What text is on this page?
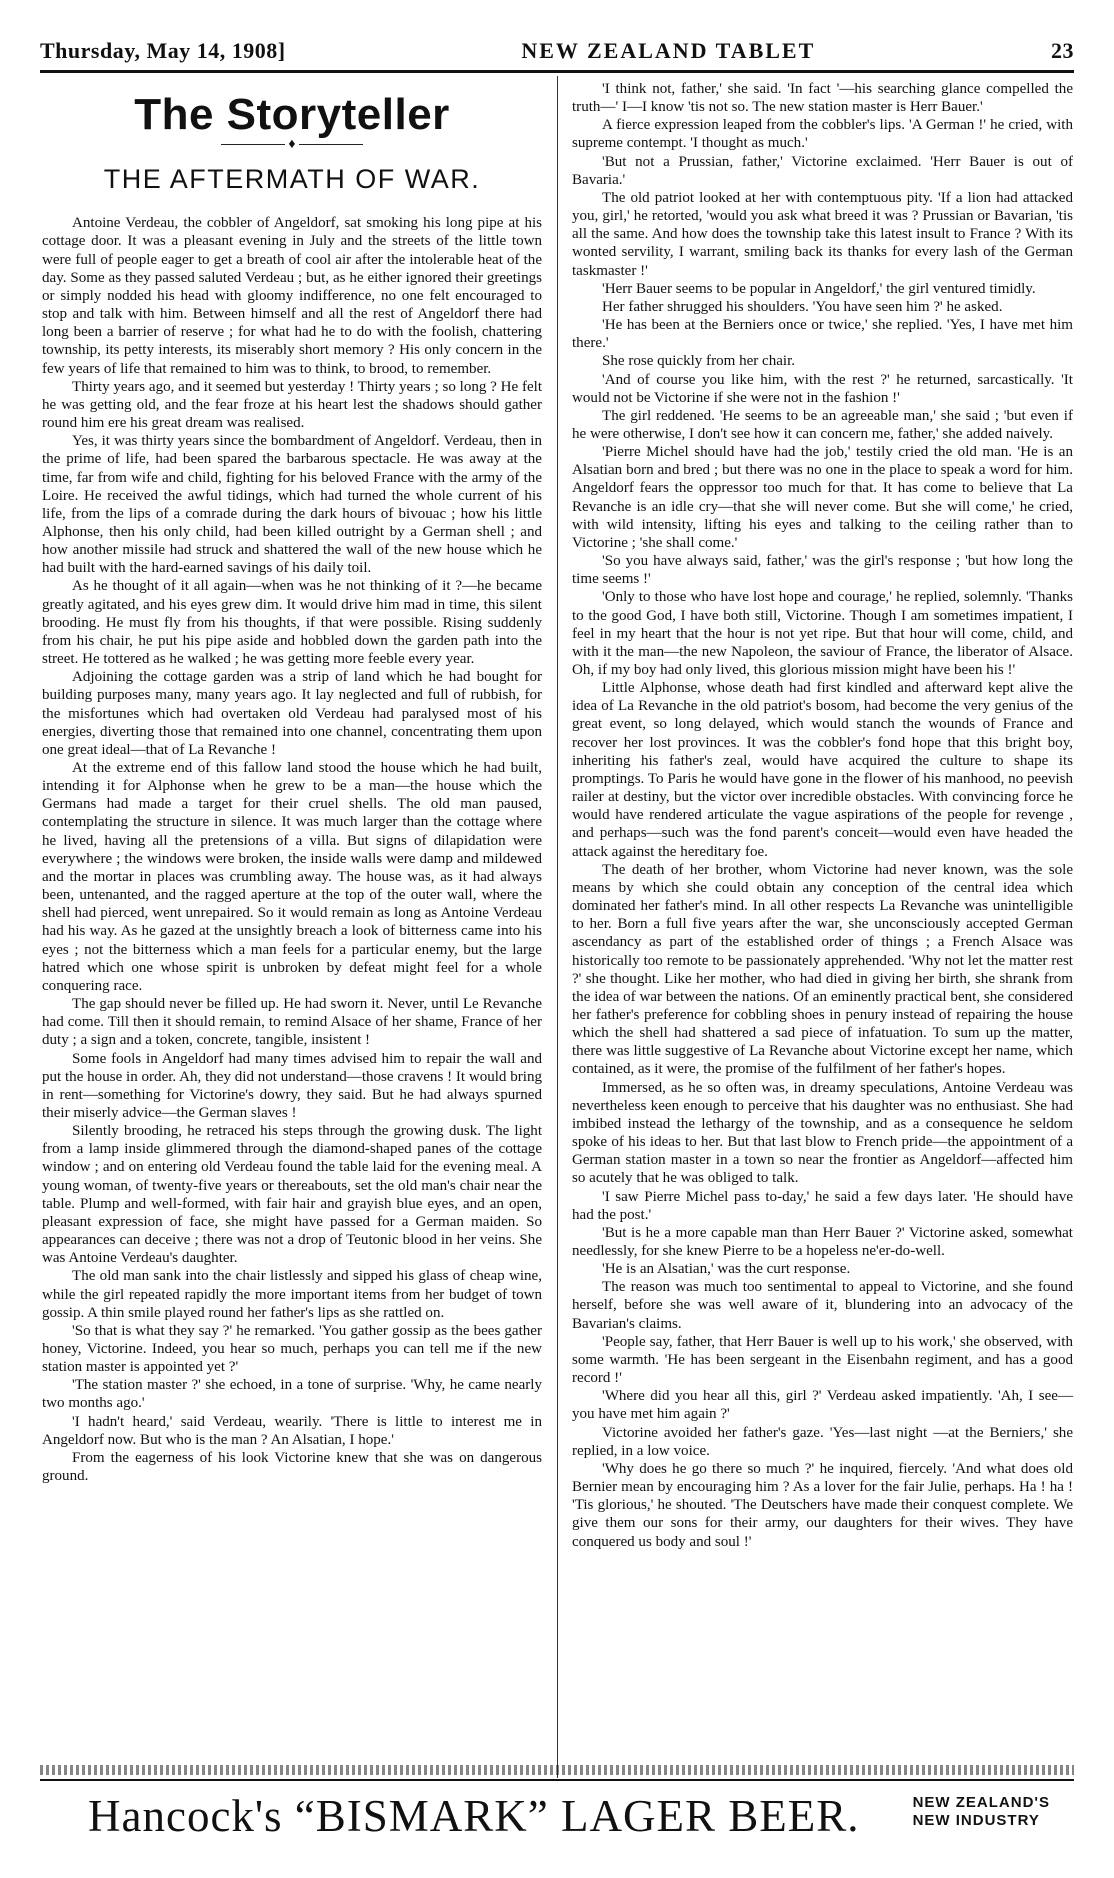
Thursday, May 14, 1908]	NEW ZEALAND TABLET	23
The Storyteller
♦
THE AFTERMATH OF WAR.

Antoine Verdeau, the cobbler of Angeldorf, sat smoking his long pipe at his cottage door. It was a pleasant evening in July and the streets of the little town were full of people eager to get a breath of cool air after the intolerable heat of the day. Some as they passed saluted Verdeau ; but, as he either ignored their greetings or simply nodded his head with gloomy indifference, no one felt encouraged to stop and talk with him. Between himself and all the rest of Angeldorf there had long been a barrier of reserve ; for what had he to do with the foolish, chattering township, its petty interests, its miserably short memory ? His only concern in the few years of life that remained to him was to think, to brood, to remember.

Thirty years ago, and it seemed but yesterday ! Thirty years ; so long ? He felt he was getting old, and the fear froze at his heart lest the shadows should gather round him ere his great dream was realised.

Yes, it was thirty years since the bombardment of Angeldorf. Verdeau, then in the prime of life, had been spared the barbarous spectacle. He was away at the time, far from wife and child, fighting for his beloved France with the army of the Loire. He received the awful tidings, which had turned the whole current of his life, from the lips of a comrade during the dark hours of bivouac ; how his little Alphonse, then his only child, had been killed outright by a German shell ; and how another missile had struck and shattered the wall of the new house which he had built with the hard-earned savings of his daily toil.

As he thought of it all again—when was he not thinking of it ?—he became greatly agitated, and his eyes grew dim. It would drive him mad in time, this silent brooding. He must fly from his thoughts, if that were possible. Rising suddenly from his chair, he put his pipe aside and hobbled down the garden path into the street. He tottered as he walked ; he was getting more feeble every year.

Adjoining the cottage garden was a strip of land which he had bought for building purposes many, many years ago. It lay neglected and full of rubbish, for the misfortunes which had overtaken old Verdeau had paralysed most of his energies, diverting those that remained into one channel, concentrating them upon one great ideal—that of La Revanche !

At the extreme end of this fallow land stood the house which he had built, intending it for Alphonse when he grew to be a man—the house which the Germans had made a target for their cruel shells. The old man paused, contemplating the structure in silence. It was much larger than the cottage where he lived, having all the pretensions of a villa. But signs of dilapidation were everywhere ; the windows were broken, the inside walls were damp and mildewed and the mortar in places was crumbling away. The house was, as it had always been, untenanted, and the ragged aperture at the top of the outer wall, where the shell had pierced, went unrepaired. So it would remain as long as Antoine Verdeau had his way. As he gazed at the unsightly breach a look of bitterness came into his eyes ; not the bitterness which a man feels for a particular enemy, but the large hatred which one whose spirit is unbroken by defeat might feel for a whole conquering race.

The gap should never be filled up. He had sworn it. Never, until Le Revanche had come. Till then it should remain, to remind Alsace of her shame, France of her duty ; a sign and a token, concrete, tangible, insistent !

Some fools in Angeldorf had many times advised him to repair the wall and put the house in order. Ah, they did not understand—those cravens ! It would bring in rent—something for Victorine's dowry, they said. But he had always spurned their miserly advice—the German slaves !

Silently brooding, he retraced his steps through the growing dusk. The light from a lamp inside glimmered through the diamond-shaped panes of the cottage window ; and on entering old Verdeau found the table laid for the evening meal. A young woman, of twenty-five years or thereabouts, set the old man's chair near the table. Plump and well-formed, with fair hair and grayish blue eyes, and an open, pleasant expression of face, she might have passed for a German maiden. So appearances can deceive ; there was not a drop of Teutonic blood in her veins. She was Antoine Verdeau's daughter.

The old man sank into the chair listlessly and sipped his glass of cheap wine, while the girl repeated rapidly the more important items from her budget of town gossip. A thin smile played round her father's lips as she rattled on.

'So that is what they say ?' he remarked. 'You gather gossip as the bees gather honey, Victorine. Indeed, you hear so much, perhaps you can tell me if the new station master is appointed yet ?'

'The station master ?' she echoed, in a tone of surprise. 'Why, he came nearly two months ago.'

'I hadn't heard,' said Verdeau, wearily. 'There is little to interest me in Angeldorf now. But who is the man ? An Alsatian, I hope.'

From the eagerness of his look Victorine knew that she was on dangerous ground.

'I think not, father,' she said. 'In fact '—his searching glance compelled the truth—' I—I know 'tis not so. The new station master is Herr Bauer.'

A fierce expression leaped from the cobbler's lips. 'A German !' he cried, with supreme contempt. 'I thought as much.'

'But not a Prussian, father,' Victorine exclaimed. 'Herr Bauer is out of Bavaria.'

The old patriot looked at her with contemptuous pity. 'If a lion had attacked you, girl,' he retorted, 'would you ask what breed it was ? Prussian or Bavarian, 'tis all the same. And how does the township take this latest insult to France ? With its wonted servility, I warrant, smiling back its thanks for every lash of the German taskmaster !'

'Herr Bauer seems to be popular in Angeldorf,' the girl ventured timidly.

Her father shrugged his shoulders. 'You have seen him ?' he asked.

'He has been at the Berniers once or twice,' she replied. 'Yes, I have met him there.'

She rose quickly from her chair.

'And of course you like him, with the rest ?' he returned, sarcastically. 'It would not be Victorine if she were not in the fashion !'

The girl reddened. 'He seems to be an agreeable man,' she said ; 'but even if he were otherwise, I don't see how it can concern me, father,' she added naively.

'Pierre Michel should have had the job,' testily cried the old man. 'He is an Alsatian born and bred ; but there was no one in the place to speak a word for him. Angeldorf fears the oppressor too much for that. It has come to believe that La Revanche is an idle cry—that she will never come. But she will come,' he cried, with wild intensity, lifting his eyes and talking to the ceiling rather than to Victorine ; 'she shall come.'

'So you have always said, father,' was the girl's response ; 'but how long the time seems !'

'Only to those who have lost hope and courage,' he replied, solemnly. 'Thanks to the good God, I have both still, Victorine. Though I am sometimes impatient, I feel in my heart that the hour is not yet ripe. But that hour will come, child, and with it the man—the new Napoleon, the saviour of France, the liberator of Alsace. Oh, if my boy had only lived, this glorious mission might have been his !'

Little Alphonse, whose death had first kindled and afterward kept alive the idea of La Revanche in the old patriot's bosom, had become the very genius of the great event, so long delayed, which would stanch the wounds of France and recover her lost provinces. It was the cobbler's fond hope that this bright boy, inheriting his father's zeal, would have acquired the culture to shape its promptings. To Paris he would have gone in the flower of his manhood, no peevish railer at destiny, but the victor over incredible obstacles. With convincing force he would have rendered articulate the vague aspirations of the people for revenge , and perhaps—such was the fond parent's conceit—would even have headed the attack against the hereditary foe.

The death of her brother, whom Victorine had never known, was the sole means by which she could obtain any conception of the central idea which dominated her father's mind. In all other respects La Revanche was unintelligible to her. Born a full five years after the war, she unconsciously accepted German ascendancy as part of the established order of things ; a French Alsace was historically too remote to be passionately apprehended. 'Why not let the matter rest ?' she thought. Like her mother, who had died in giving her birth, she shrank from the idea of war between the nations. Of an eminently practical bent, she considered her father's preference for cobbling shoes in penury instead of repairing the house which the shell had shattered a sad piece of infatuation. To sum up the matter, there was little suggestive of La Revanche about Victorine except her name, which contained, as it were, the promise of the fulfilment of her father's hopes.

Immersed, as he so often was, in dreamy speculations, Antoine Verdeau was nevertheless keen enough to perceive that his daughter was no enthusiast. She had imbibed instead the lethargy of the township, and as a consequence he seldom spoke of his ideas to her. But that last blow to French pride—the appointment of a German station master in a town so near the frontier as Angeldorf—affected him so acutely that he was obliged to talk.

'I saw Pierre Michel pass to-day,' he said a few days later. 'He should have had the post.'

'But is he a more capable man than Herr Bauer ?' Victorine asked, somewhat needlessly, for she knew Pierre to be a hopeless ne'er-do-well.

'He is an Alsatian,' was the curt response.

The reason was much too sentimental to appeal to Victorine, and she found herself, before she was well aware of it, blundering into an advocacy of the Bavarian's claims.

'People say, father, that Herr Bauer is well up to his work,' she observed, with some warmth. 'He has been sergeant in the Eisenbahn regiment, and has a good record !'

'Where did you hear all this, girl ?' Verdeau asked impatiently. 'Ah, I see—you have met him again ?'

Victorine avoided her father's gaze. 'Yes—last night —at the Berniers,' she replied, in a low voice.

'Why does he go there so much ?' he inquired, fiercely. 'And what does old Bernier mean by encouraging him ? As a lover for the fair Julie, perhaps. Ha ! ha ! 'Tis glorious,' he shouted. 'The Deutschers have made their conquest complete. We give them our sons for their army, our daughters for their wives. They have conquered us body and soul !'

Hancock's “BISMARK” LAGER BEER.	NEW ZEALAND'S
NEW INDUSTRY
